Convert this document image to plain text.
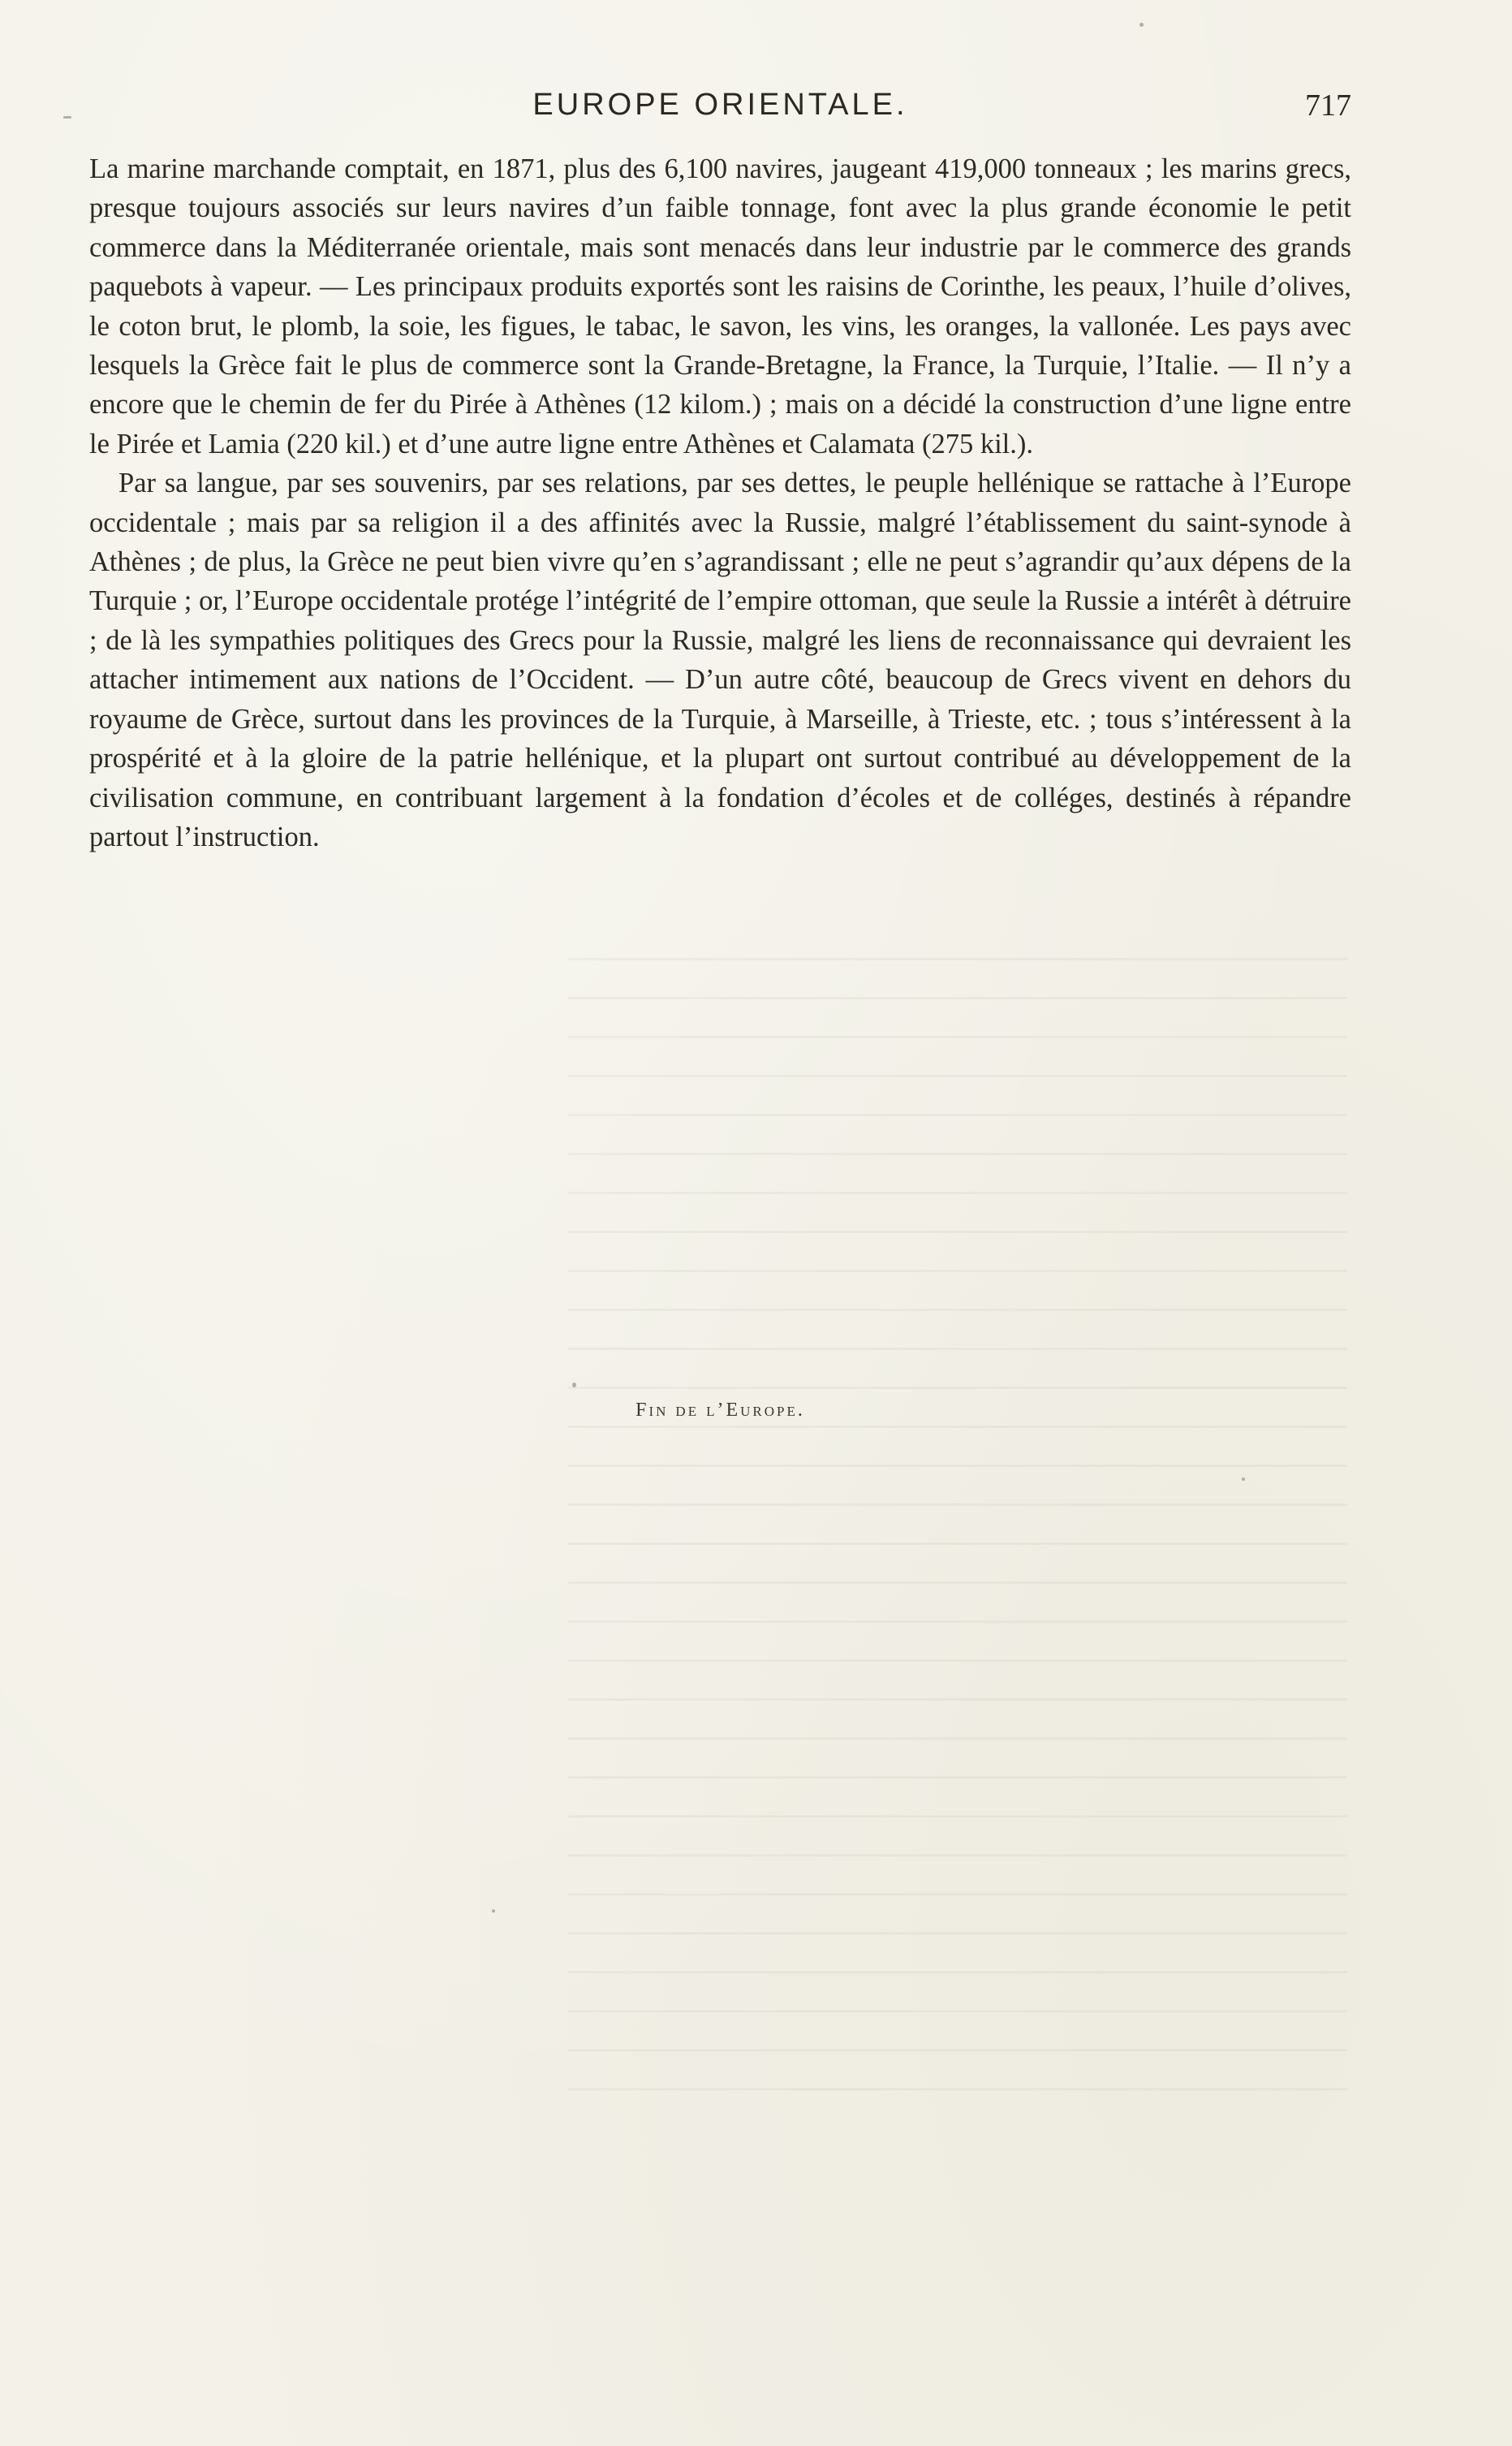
EUROPE ORIENTALE.	717

La marine marchande comptait, en 1871, plus des 6,100 navires, jaugeant 419,000 tonneaux ; les marins grecs, presque toujours associés sur leurs navires d’un faible tonnage, font avec la plus grande économie le petit commerce dans la Méditerranée orientale, mais sont menacés dans leur industrie par le commerce des grands paquebots à vapeur. — Les principaux produits exportés sont les raisins de Corinthe, les peaux, l’huile d’olives, le coton brut, le plomb, la soie, les figues, le tabac, le savon, les vins, les oranges, la vallonée. Les pays avec lesquels la Grèce fait le plus de commerce sont la Grande-Bretagne, la France, la Turquie, l’Italie. — Il n’y a encore que le chemin de fer du Pirée à Athènes (12 kilom.) ; mais on a décidé la construction d’une ligne entre le Pirée et Lamia (220 kil.) et d’une autre ligne entre Athènes et Calamata (275 kil.).

Par sa langue, par ses souvenirs, par ses relations, par ses dettes, le peuple hellénique se rattache à l’Europe occidentale ; mais par sa religion il a des affinités avec la Russie, malgré l’établissement du saint-synode à Athènes ; de plus, la Grèce ne peut bien vivre qu’en s’agrandissant ; elle ne peut s’agrandir qu’aux dépens de la Turquie ; or, l’Europe occidentale protége l’intégrité de l’empire ottoman, que seule la Russie a intérêt à détruire ; de là les sympathies politiques des Grecs pour la Russie, malgré les liens de reconnaissance qui devraient les attacher intimement aux nations de l’Occident. — D’un autre côté, beaucoup de Grecs vivent en dehors du royaume de Grèce, surtout dans les provinces de la Turquie, à Marseille, à Trieste, etc. ; tous s’intéressent à la prospérité et à la gloire de la patrie hellénique, et la plupart ont surtout contribué au développement de la civilisation commune, en contribuant largement à la fondation d’écoles et de colléges, destinés à répandre partout l’instruction.

Fin de l’Europe.
